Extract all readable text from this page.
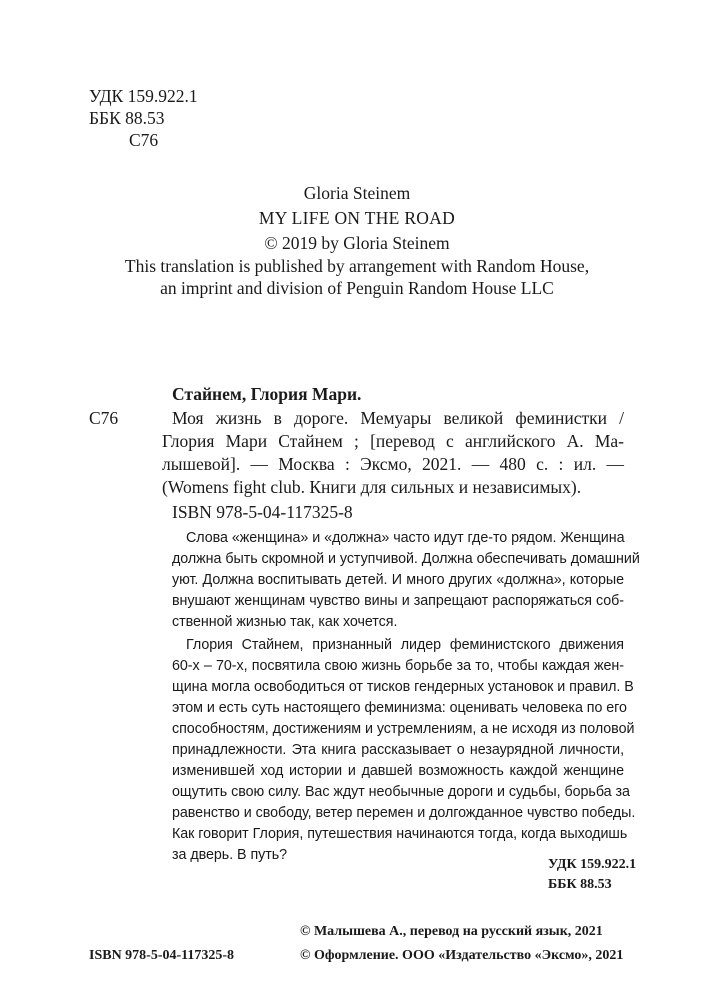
УДК 159.922.1
ББК 88.53
С76
Gloria Steinem
MY LIFE ON THE ROAD
© 2019 by Gloria Steinem
This translation is published by arrangement with Random House,
an imprint and division of Penguin Random House LLC
Стайнем, Глория Мари.
С76	Моя жизнь в дороге. Мемуары великой феминистки /
Глория Мари Стайнем ; [перевод с английского А. Ма-
лышевой]. — Москва : Эксмо, 2021. — 480 с. : ил. —
(Womens fight club. Книги для сильных и независимых).
ISBN 978-5-04-117325-8
Слова «женщина» и «должна» часто идут где-то рядом. Женщина
должна быть скромной и уступчивой. Должна обеспечивать домашний
уют. Должна воспитывать детей. И много других «должна», которые
внушают женщинам чувство вины и запрещают распоряжаться соб-
ственной жизнью так, как хочется.
Глория Стайнем, признанный лидер феминистского движения
60-х – 70-х, посвятила свою жизнь борьбе за то, чтобы каждая жен-
щина могла освободиться от тисков гендерных установок и правил. В
этом и есть суть настоящего феминизма: оценивать человека по его
способностям, достижениям и устремлениям, а не исходя из половой
принадлежности. Эта книга рассказывает о незаурядной личности,
изменившей ход истории и давшей возможность каждой женщине
ощутить свою силу. Вас ждут необычные дороги и судьбы, борьба за
равенство и свободу, ветер перемен и долгожданное чувство победы.
Как говорит Глория, путешествия начинаются тогда, когда выходишь
за дверь. В путь?
УДК 159.922.1
ББК 88.53
© Малышева А., перевод на русский язык, 2021
ISBN 978-5-04-117325-8	© Оформление. ООО «Издательство «Эксмо», 2021
